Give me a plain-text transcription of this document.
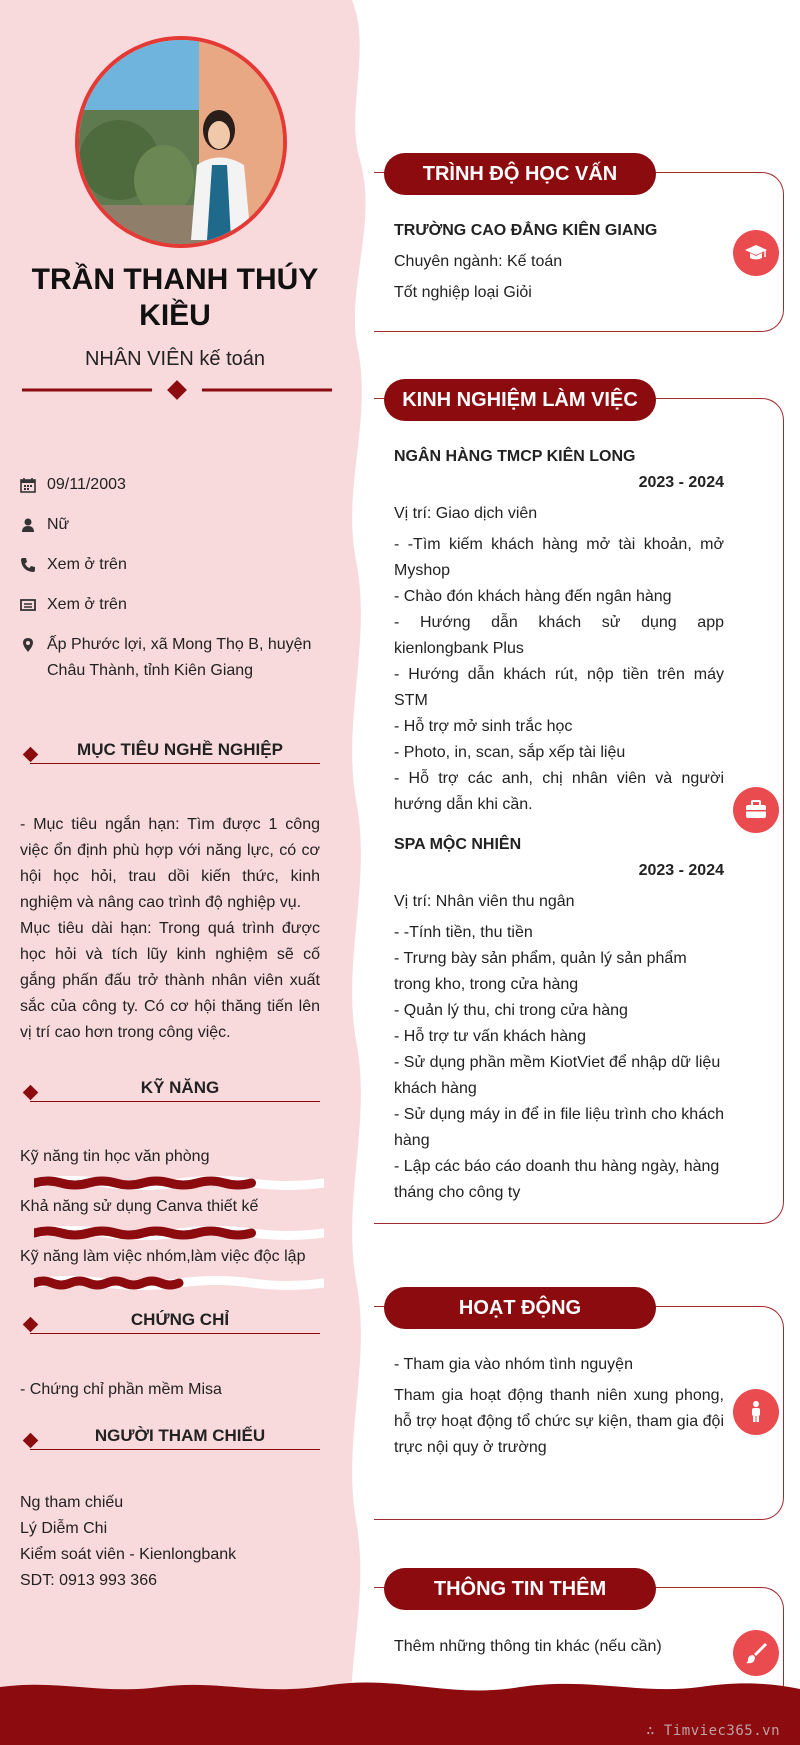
TRẦN THANH THÚY
KIỀU
NHÂN VIÊN kế toán
09/11/2003
Nữ
Xem ở trên
Xem ở trên
Ấp Phước lợi, xã Mong Thọ B, huyện
Châu Thành, tỉnh Kiên Giang
MỤC TIÊU NGHỀ NGHIỆP
- Mục tiêu ngắn hạn: Tìm được 1 công việc ổn định phù hợp với năng lực, có cơ hội học hỏi, trau dồi kiến thức, kinh nghiệm và nâng cao trình độ nghiệp vụ.
Mục tiêu dài hạn: Trong quá trình được học hỏi và tích lũy kinh nghiệm sẽ cố gắng phấn đấu trở thành nhân viên xuất sắc của công ty. Có cơ hội thăng tiến lên vị trí cao hơn trong công việc.
KỸ NĂNG
Kỹ năng tin học văn phòng
Khả năng sử dụng Canva thiết kế
Kỹ năng làm việc nhóm,làm việc độc lập
CHỨNG CHỈ
- Chứng chỉ phần mềm Misa
NGƯỜI THAM CHIẾU
Ng tham chiếu
Lý Diễm Chi
Kiểm soát viên - Kienlongbank
SDT: 0913 993 366
TRÌNH ĐỘ HỌC VẤN
TRƯỜNG CAO ĐẲNG KIÊN GIANG
Chuyên ngành: Kế toán
Tốt nghiệp loại Giỏi
KINH NGHIỆM LÀM VIỆC
NGÂN HÀNG TMCP KIÊN LONG
2023 - 2024
Vị trí: Giao dịch viên
- -Tìm kiếm khách hàng mở tài khoản, mở Myshop
- Chào đón khách hàng đến ngân hàng
- Hướng dẫn khách sử dụng app kienlongbank Plus
- Hướng dẫn khách rút, nộp tiền trên máy STM
- Hỗ trợ mở sinh trắc học
- Photo, in, scan, sắp xếp tài liệu
- Hỗ trợ các anh, chị nhân viên và người hướng dẫn khi cần.
SPA MỘC NHIÊN
2023 - 2024
Vị trí: Nhân viên thu ngân
- -Tính tiền, thu tiền
- Trưng bày sản phẩm, quản lý sản phẩm trong kho, trong cửa hàng
- Quản lý thu, chi trong cửa hàng
- Hỗ trợ tư vấn khách hàng
- Sử dụng phần mềm KiotViet để nhập dữ liệu khách hàng
- Sử dụng máy in để in file liệu trình cho khách hàng
- Lập các báo cáo doanh thu hàng ngày, hàng tháng cho công ty
HOẠT ĐỘNG
- Tham gia vào nhóm tình nguyện
Tham gia hoạt động thanh niên xung phong, hỗ trợ hoạt động tổ chức sự kiện, tham gia đội trực nội quy ở trường
THÔNG TIN THÊM
Thêm những thông tin khác (nếu cần)
∴ Timviec365.vn
